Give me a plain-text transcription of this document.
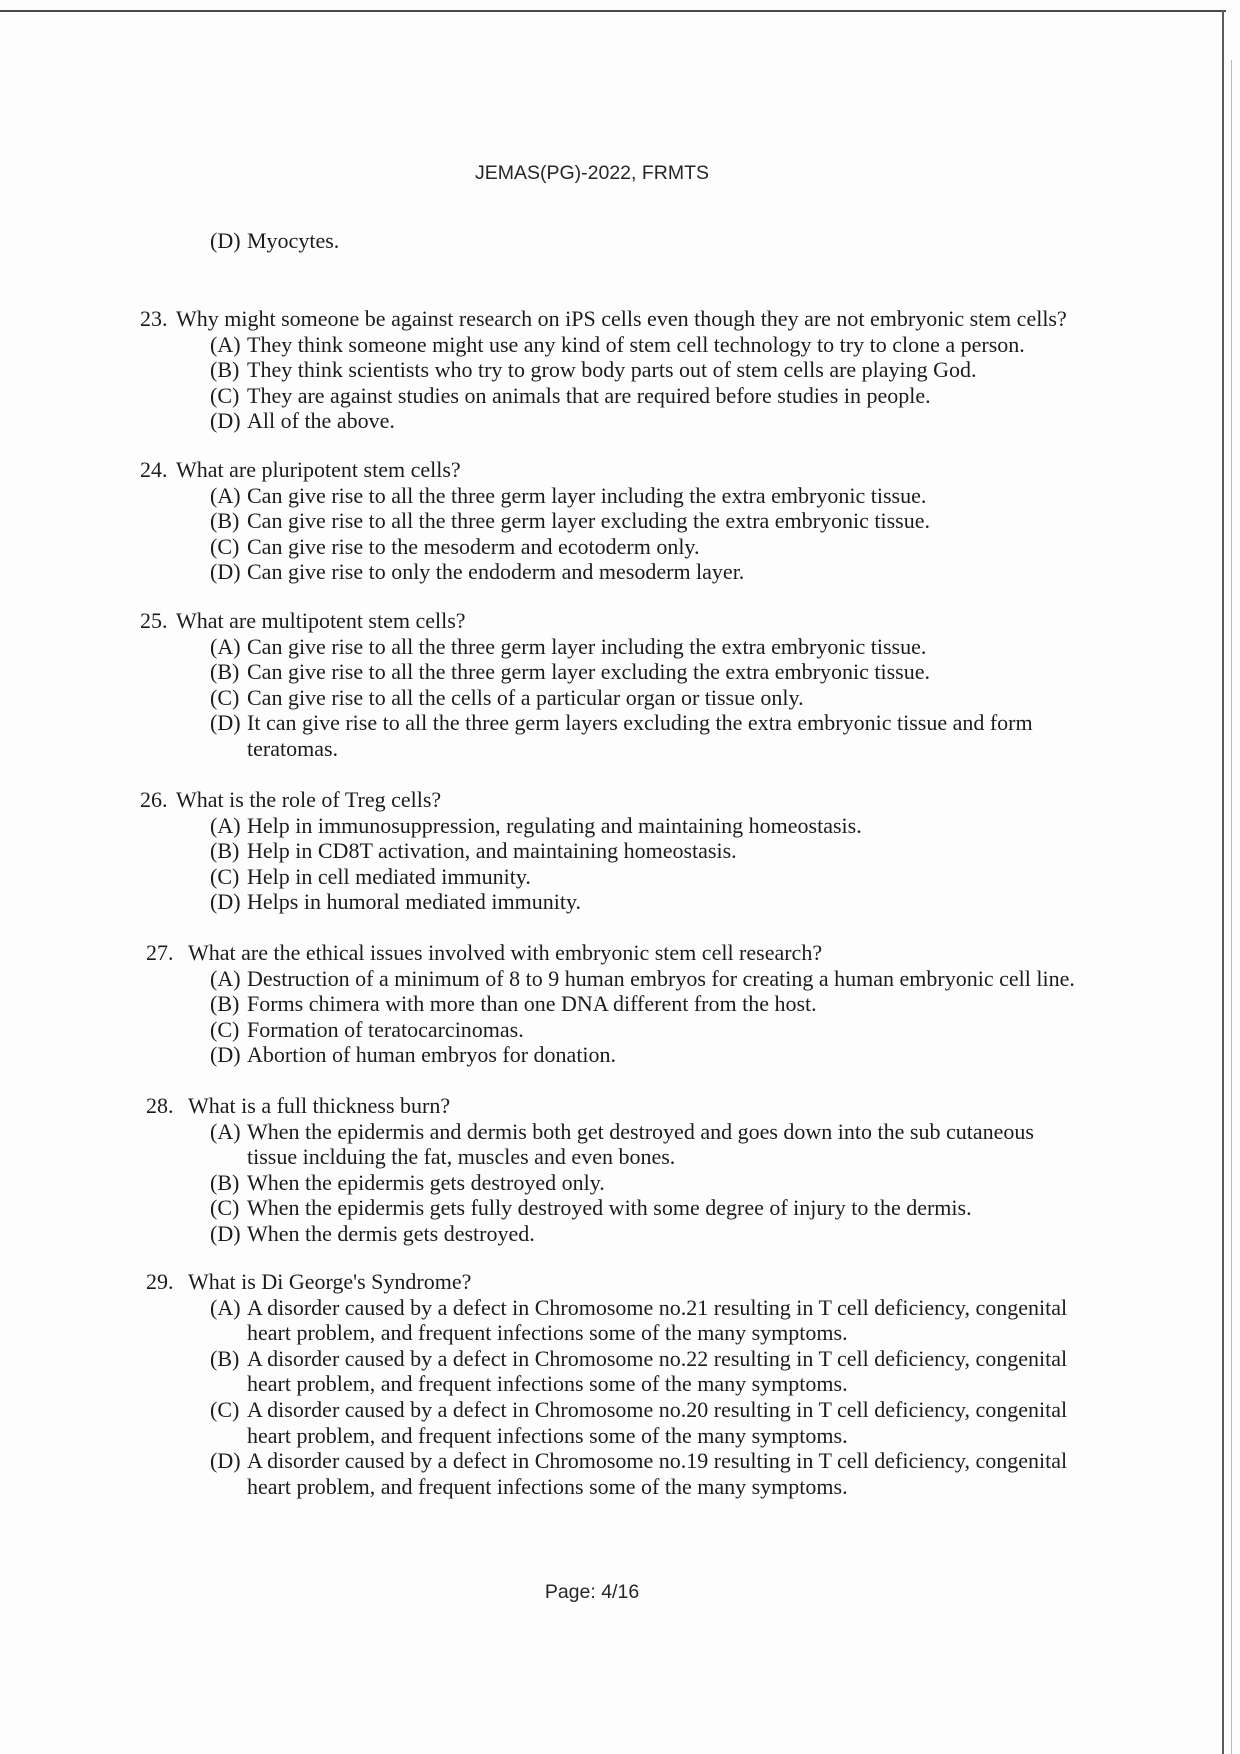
JEMAS(PG)-2022, FRMTS
(D) Myocytes.
23. Why might someone be against research on iPS cells even though they are not embryonic stem cells?
(A) They think someone might use any kind of stem cell technology to try to clone a person.
(B) They think scientists who try to grow body parts out of stem cells are playing God.
(C) They are against studies on animals that are required before studies in people.
(D) All of the above.
24. What are pluripotent stem cells?
(A) Can give rise to all the three germ layer including the extra embryonic tissue.
(B) Can give rise to all the three germ layer excluding the extra embryonic tissue.
(C) Can give rise to the mesoderm and ecotoderm only.
(D) Can give rise to only the endoderm and mesoderm layer.
25. What are multipotent stem cells?
(A) Can give rise to all the three germ layer including the extra embryonic tissue.
(B) Can give rise to all the three germ layer excluding the extra embryonic tissue.
(C) Can give rise to all the cells of a particular organ or tissue only.
(D) It can give rise to all the three germ layers excluding the extra embryonic tissue and form
teratomas.
26. What is the role of Treg cells?
(A) Help in immunosuppression, regulating and maintaining homeostasis.
(B) Help in CD8T activation, and maintaining homeostasis.
(C) Help in cell mediated immunity.
(D) Helps in humoral mediated immunity.
27. What are the ethical issues involved with embryonic stem cell research?
(A) Destruction of a minimum of 8 to 9 human embryos for creating a human embryonic cell line.
(B) Forms chimera with more than one DNA different from the host.
(C) Formation of teratocarcinomas.
(D) Abortion of human embryos for donation.
28. What is a full thickness burn?
(A) When the epidermis and dermis both get destroyed and goes down into the sub cutaneous
tissue inclduing the fat, muscles and even bones.
(B) When the epidermis gets destroyed only.
(C) When the epidermis gets fully destroyed with some degree of injury to the dermis.
(D) When the dermis gets destroyed.
29. What is Di George's Syndrome?
(A) A disorder caused by a defect in Chromosome no.21 resulting in T cell deficiency, congenital
heart problem, and frequent infections some of the many symptoms.
(B) A disorder caused by a defect in Chromosome no.22 resulting in T cell deficiency, congenital
heart problem, and frequent infections some of the many symptoms.
(C) A disorder caused by a defect in Chromosome no.20 resulting in T cell deficiency, congenital
heart problem, and frequent infections some of the many symptoms.
(D) A disorder caused by a defect in Chromosome no.19 resulting in T cell deficiency, congenital
heart problem, and frequent infections some of the many symptoms.
Page: 4/16
